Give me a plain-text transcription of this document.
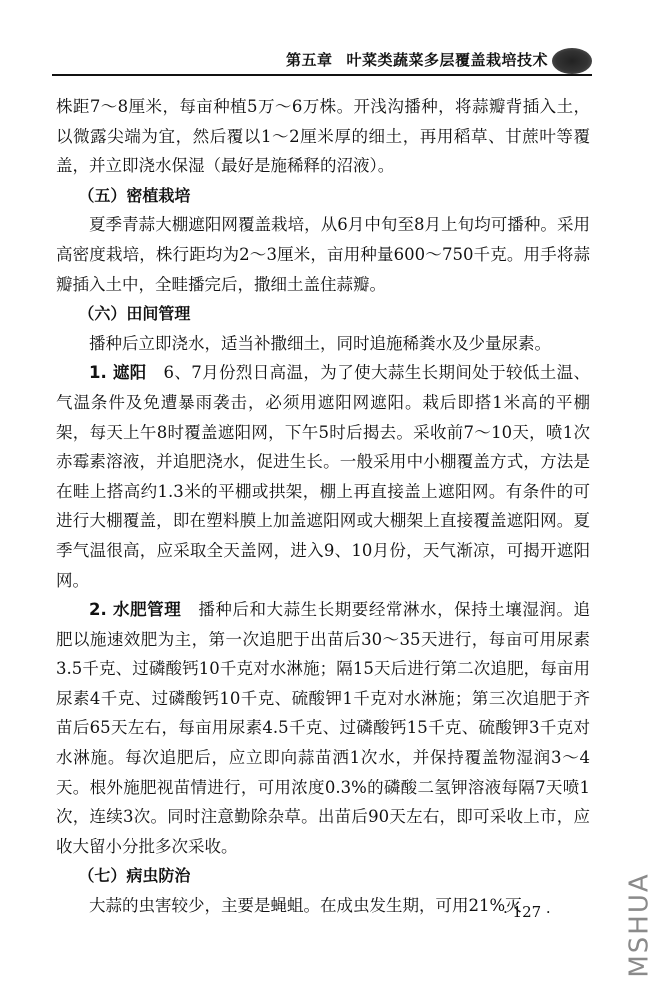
第五章 叶菜类蔬菜多层覆盖栽培技术

株距7～8厘米，每亩种植5万～6万株。开浅沟播种，将蒜瓣背插入土，以微露尖端为宜，然后覆以1～2厘米厚的细土，再用稻草、甘蔗叶等覆盖，并立即浇水保湿（最好是施稀释的沼液）。

（五）密植栽培

夏季青蒜大棚遮阳网覆盖栽培，从6月中旬至8月上旬均可播种。采用高密度栽培，株行距均为2～3厘米，亩用种量600～750千克。用手将蒜瓣插入土中，全畦播完后，撒细土盖住蒜瓣。

（六）田间管理

播种后立即浇水，适当补撒细土，同时追施稀粪水及少量尿素。

1. 遮阳　6、7月份烈日高温，为了使大蒜生长期间处于较低土温、气温条件及免遭暴雨袭击，必须用遮阳网遮阳。栽后即搭1米高的平棚架，每天上午8时覆盖遮阳网，下午5时后揭去。采收前7～10天，喷1次赤霉素溶液，并追肥浇水，促进生长。一般采用中小棚覆盖方式，方法是在畦上搭高约1.3米的平棚或拱架，棚上再直接盖上遮阳网。有条件的可进行大棚覆盖，即在塑料膜上加盖遮阳网或大棚架上直接覆盖遮阳网。夏季气温很高，应采取全天盖网，进入9、10月份，天气渐凉，可揭开遮阳网。

2. 水肥管理　播种后和大蒜生长期要经常淋水，保持土壤湿润。追肥以施速效肥为主，第一次追肥于出苗后30～35天进行，每亩可用尿素3.5千克、过磷酸钙10千克对水淋施；隔15天后进行第二次追肥，每亩用尿素4千克、过磷酸钙10千克、硫酸钾1千克对水淋施；第三次追肥于齐苗后65天左右，每亩用尿素4.5千克、过磷酸钙15千克、硫酸钾3千克对水淋施。每次追肥后，应立即向蒜苗洒1次水，并保持覆盖物湿润3～4天。根外施肥视苗情进行，可用浓度0.3%的磷酸二氢钾溶液每隔7天喷1次，连续3次。同时注意勤除杂草。出苗后90天左右，即可采收上市，应收大留小分批多次采收。

（七）病虫防治

大蒜的虫害较少，主要是蝇蛆。在成虫发生期，可用21%灭

· 127 ·	MSHUA
